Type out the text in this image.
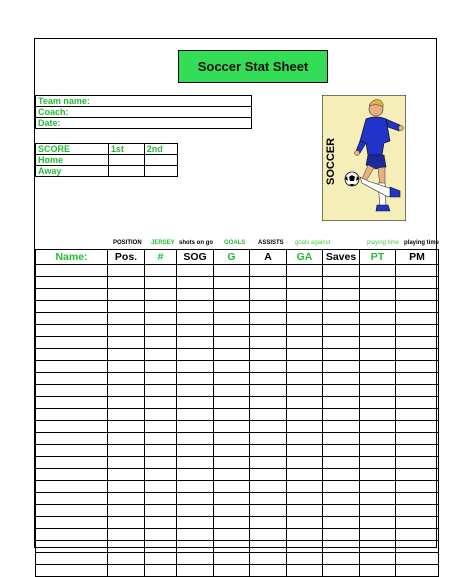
Soccer Stat Sheet
Team name:
Coach:
Date:
SCORE	1st	2nd
Home		
Away			SOCCER
POSITION JERSEY shots on go GOALS ASSISTS goals against	playing time playing time
Name:	Pos.	#	SOG	G	A	GA	Saves	PT	PM
